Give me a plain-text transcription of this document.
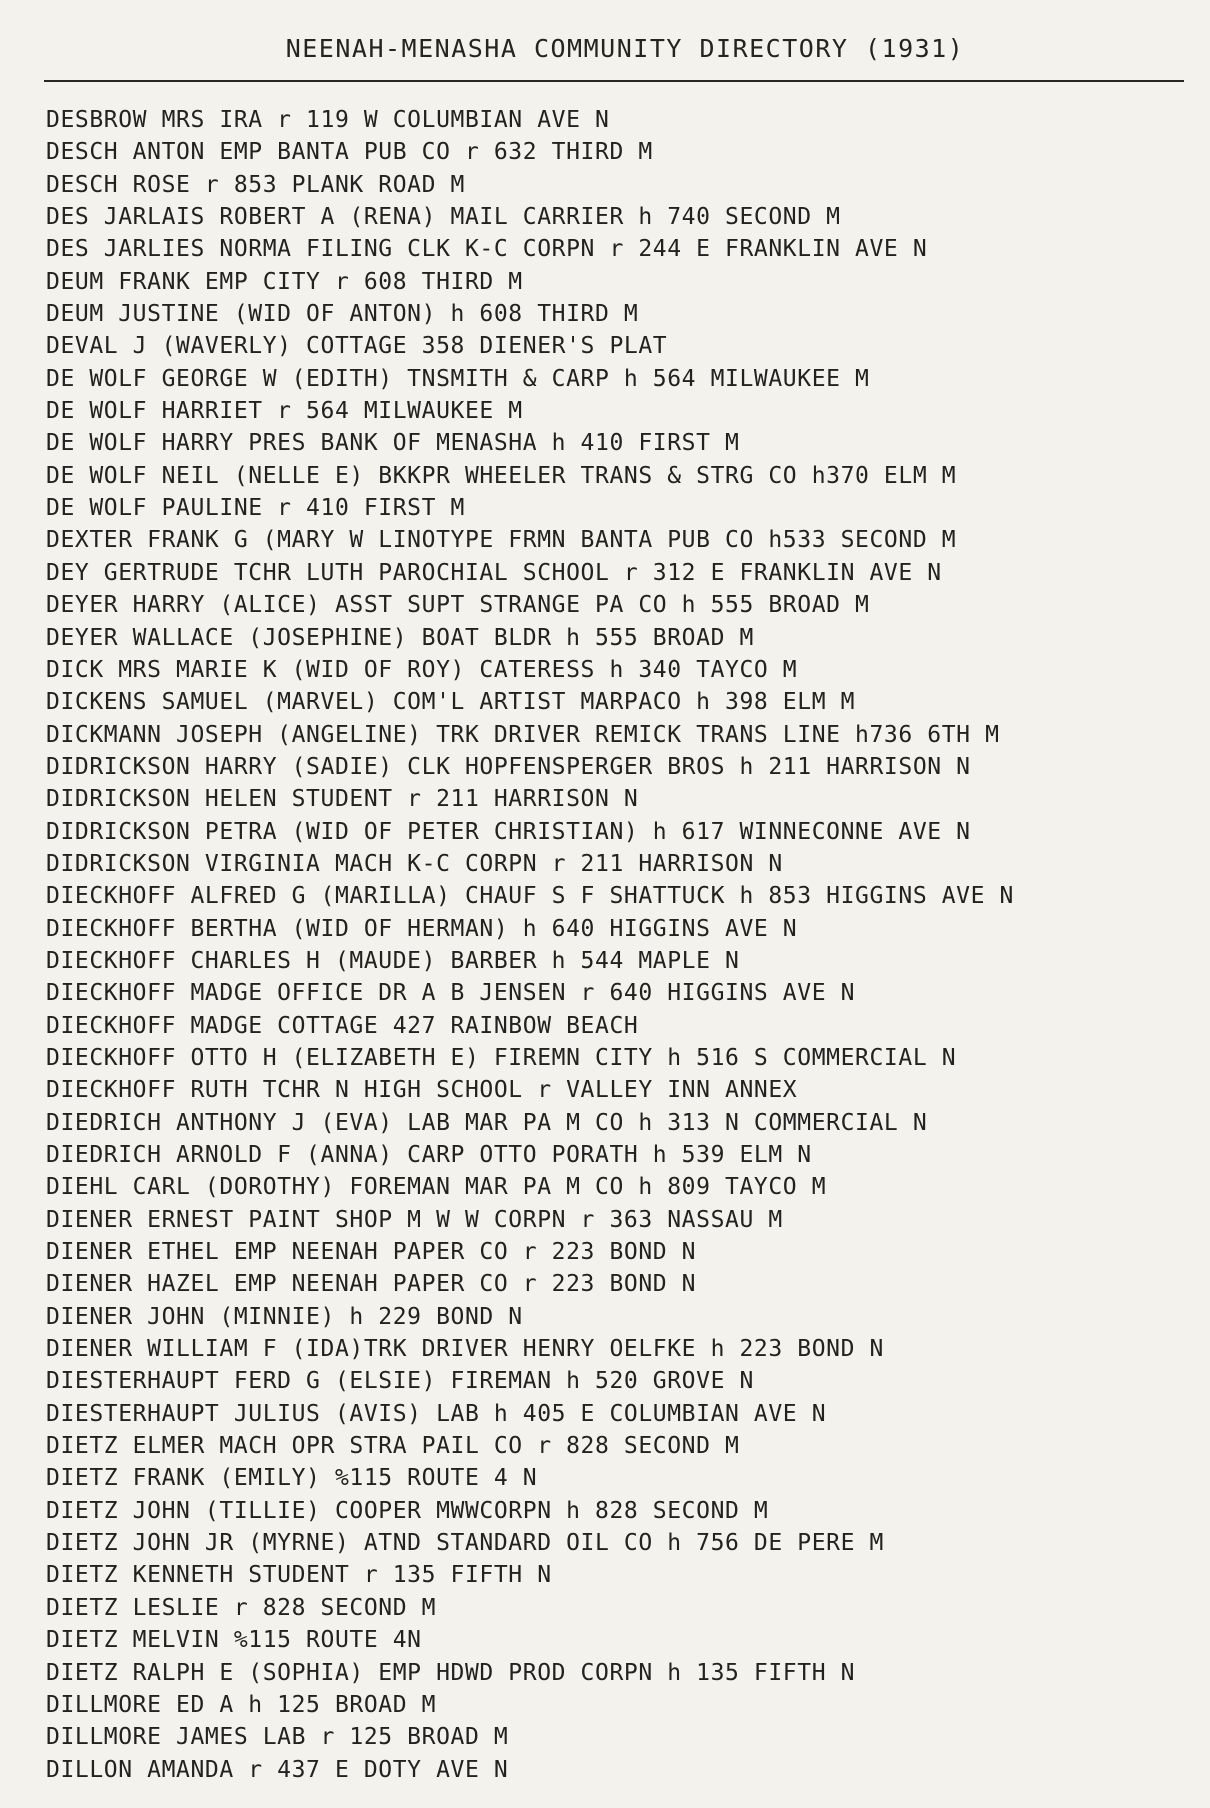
NEENAH-MENASHA COMMUNITY DIRECTORY (1931)
DESBROW MRS IRA r 119 W COLUMBIAN AVE N
DESCH ANTON EMP BANTA PUB CO r 632 THIRD M
DESCH ROSE r 853 PLANK ROAD M
DES JARLAIS ROBERT A (RENA) MAIL CARRIER h 740 SECOND M
DES JARLIES NORMA FILING CLK K-C CORPN r 244 E FRANKLIN AVE N
DEUM FRANK EMP CITY r 608 THIRD M
DEUM JUSTINE (WID OF ANTON) h 608 THIRD M
DEVAL J (WAVERLY) COTTAGE 358 DIENER'S PLAT
DE WOLF GEORGE W (EDITH) TNSMITH & CARP h 564 MILWAUKEE M
DE WOLF HARRIET r 564 MILWAUKEE M
DE WOLF HARRY PRES BANK OF MENASHA h 410 FIRST M
DE WOLF NEIL (NELLE E) BKKPR WHEELER TRANS & STRG CO h370 ELM M
DE WOLF PAULINE r 410 FIRST M
DEXTER FRANK G (MARY W LINOTYPE FRMN BANTA PUB CO h533 SECOND M
DEY GERTRUDE TCHR LUTH PAROCHIAL SCHOOL r 312 E FRANKLIN AVE N
DEYER HARRY (ALICE) ASST SUPT STRANGE PA CO h 555 BROAD M
DEYER WALLACE (JOSEPHINE) BOAT BLDR h 555 BROAD M
DICK MRS MARIE K (WID OF ROY) CATERESS h 340 TAYCO M
DICKENS SAMUEL (MARVEL) COM'L ARTIST MARPACO h 398 ELM M
DICKMANN JOSEPH (ANGELINE) TRK DRIVER REMICK TRANS LINE h736 6TH M
DIDRICKSON HARRY (SADIE) CLK HOPFENSPERGER BROS h 211 HARRISON N
DIDRICKSON HELEN STUDENT r 211 HARRISON N
DIDRICKSON PETRA (WID OF PETER CHRISTIAN) h 617 WINNECONNE AVE N
DIDRICKSON VIRGINIA MACH K-C CORPN r 211 HARRISON N
DIECKHOFF ALFRED G (MARILLA) CHAUF S F SHATTUCK h 853 HIGGINS AVE N
DIECKHOFF BERTHA (WID OF HERMAN) h 640 HIGGINS AVE N
DIECKHOFF CHARLES H (MAUDE) BARBER h 544 MAPLE N
DIECKHOFF MADGE OFFICE DR A B JENSEN r 640 HIGGINS AVE N
DIECKHOFF MADGE COTTAGE 427 RAINBOW BEACH
DIECKHOFF OTTO H (ELIZABETH E) FIREMN CITY h 516 S COMMERCIAL N
DIECKHOFF RUTH TCHR N HIGH SCHOOL r VALLEY INN ANNEX
DIEDRICH ANTHONY J (EVA) LAB MAR PA M CO h 313 N COMMERCIAL N
DIEDRICH ARNOLD F (ANNA) CARP OTTO PORATH h 539 ELM N
DIEHL CARL (DOROTHY) FOREMAN MAR PA M CO h 809 TAYCO M
DIENER ERNEST PAINT SHOP M W W CORPN r 363 NASSAU M
DIENER ETHEL EMP NEENAH PAPER CO r 223 BOND N
DIENER HAZEL EMP NEENAH PAPER CO r 223 BOND N
DIENER JOHN (MINNIE) h 229 BOND N
DIENER WILLIAM F (IDA)TRK DRIVER HENRY OELFKE h 223 BOND N
DIESTERHAUPT FERD G (ELSIE) FIREMAN h 520 GROVE N
DIESTERHAUPT JULIUS (AVIS) LAB h 405 E COLUMBIAN AVE N
DIETZ ELMER MACH OPR STRA PAIL CO r 828 SECOND M
DIETZ FRANK (EMILY) %115 ROUTE 4 N
DIETZ JOHN (TILLIE) COOPER MWWCORPN h 828 SECOND M
DIETZ JOHN JR (MYRNE) ATND STANDARD OIL CO h 756 DE PERE M
DIETZ KENNETH STUDENT r 135 FIFTH N
DIETZ LESLIE r 828 SECOND M
DIETZ MELVIN %115 ROUTE 4N
DIETZ RALPH E (SOPHIA) EMP HDWD PROD CORPN h 135 FIFTH N
DILLMORE ED A h 125 BROAD M
DILLMORE JAMES LAB r 125 BROAD M
DILLON AMANDA r 437 E DOTY AVE N
